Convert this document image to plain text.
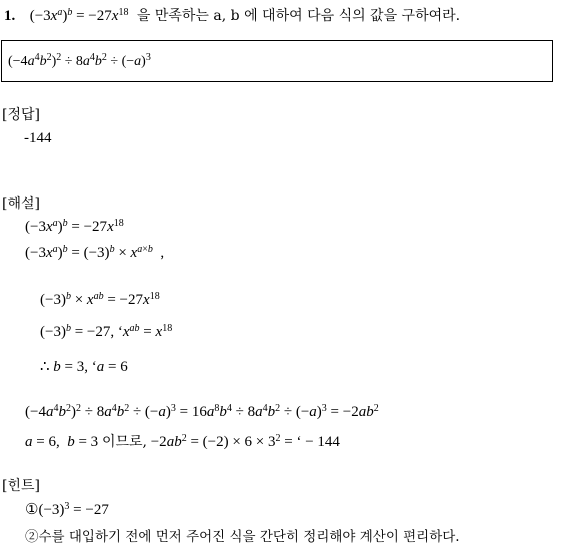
1. $(-3x^a)^b = -27x^{18}$ 을 만족하는 a, b 에 대하여 다음 식의 값을 구하여라.
$(-4a^4b^2)^2 \div 8a^4b^2 \div (-a)^3$
[정답]
-144
[해설]
$(-3x^a)^b = -27x^{18}$
$(-3x^a)^b = (-3)^b \times x^{a\times b}$ ,
$(-3)^b \times x^{ab} = -27x^{18}$
$(-3)^b = -27$, ‘$x^{ab} = x^{18}$
∴ b = 3, ‘a = 6
$(-4a^4b^2)^2 \div 8a^4b^2 \div (-a)^3 = 16a^8b^4 \div 8a^4b^2 \div (-a)^3 = -2ab^2$
a = 6,  b = 3 이므로, $-2ab^2 = (-2) \times 6 \times 3^2$ = ‘ − 144
[힌트]
$①(-3)^3 = -27$
②수를 대입하기 전에 먼저 주어진 식을 간단히 정리해야 계산이 편리하다.
